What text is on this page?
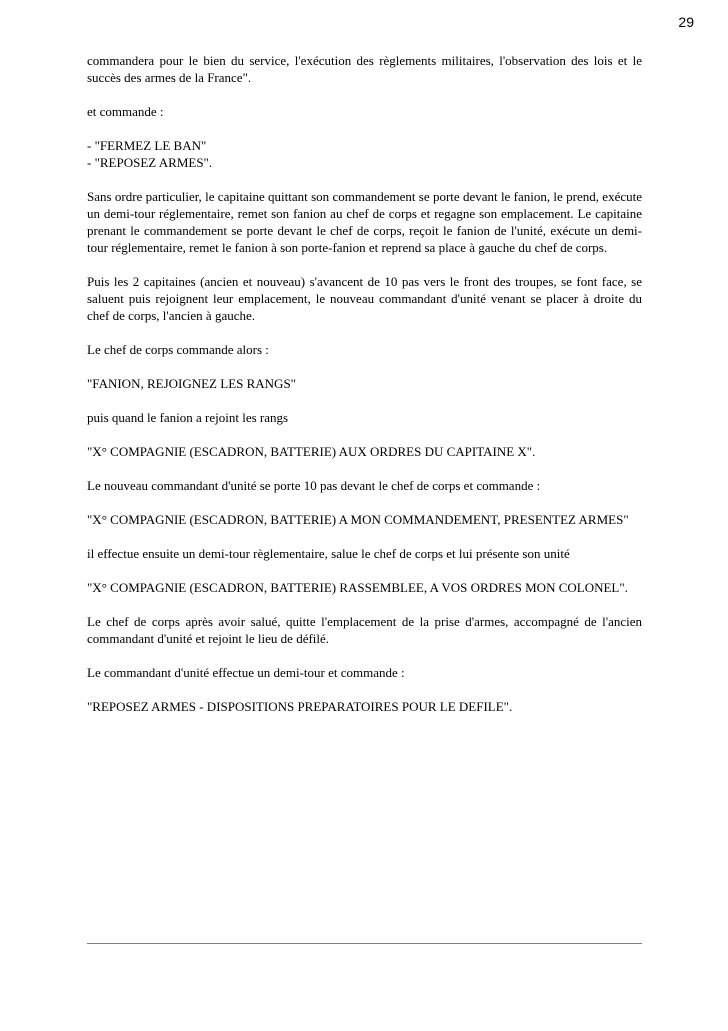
29

commandera pour le bien du service, l'exécution des règlements militaires, l'observation des lois et le succès des armes de la France".

et commande :

- "FERMEZ LE BAN"

- "REPOSEZ ARMES".

Sans ordre particulier, le capitaine quittant son commandement se porte devant le fanion, le prend, exécute un demi-tour réglementaire, remet son fanion au chef de corps et regagne son emplacement. Le capitaine prenant le commandement se porte devant le chef de corps, reçoit le fanion de l'unité, exécute un demi-tour réglementaire, remet le fanion à son porte-fanion et reprend sa place à gauche du chef de corps.

Puis les 2 capitaines (ancien et nouveau) s'avancent de 10 pas vers le front des troupes, se font face, se saluent puis rejoignent leur emplacement, le nouveau commandant d'unité venant se placer à droite du chef de corps, l'ancien à gauche.

Le chef de corps commande alors :

"FANION, REJOIGNEZ LES RANGS"

puis quand le fanion a rejoint les rangs

"X° COMPAGNIE (ESCADRON, BATTERIE) AUX ORDRES DU CAPITAINE X".

Le nouveau commandant d'unité se porte 10 pas devant le chef de corps et commande :

"X° COMPAGNIE (ESCADRON, BATTERIE) A MON COMMANDEMENT, PRESENTEZ ARMES"

il effectue ensuite un demi-tour règlementaire, salue le chef de corps et lui présente son unité

"X° COMPAGNIE (ESCADRON, BATTERIE) RASSEMBLEE, A VOS ORDRES MON COLONEL".

Le chef de corps après avoir salué, quitte l'emplacement de la prise d'armes, accompagné de l'ancien commandant d'unité et rejoint le lieu de défilé.

Le commandant d'unité effectue un demi-tour et commande :

"REPOSEZ ARMES - DISPOSITIONS PREPARATOIRES POUR LE DEFILE".
